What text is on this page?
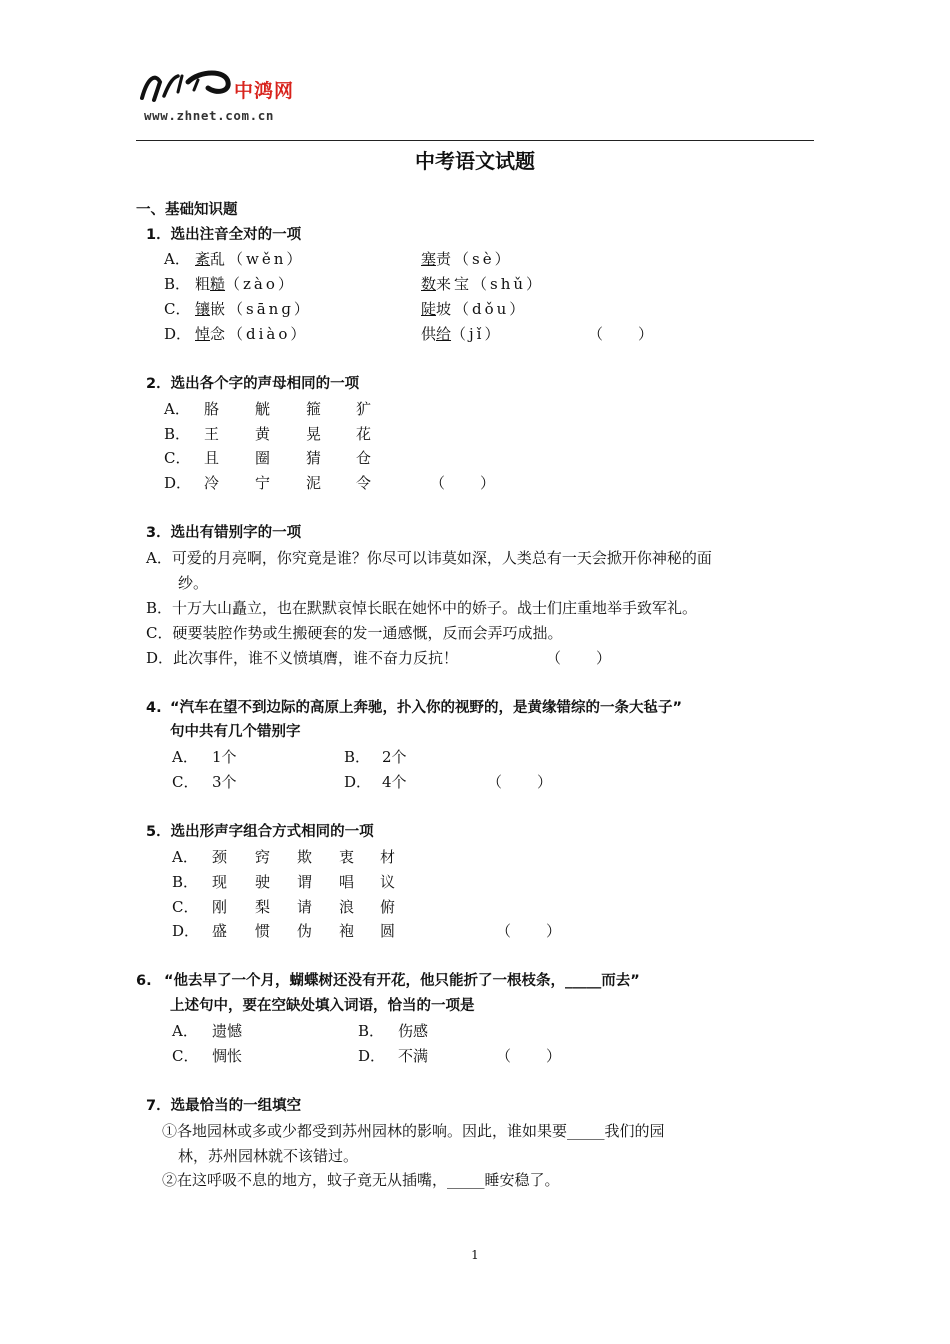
中鸿网
www.zhnet.com.cn
中考语文试题
一、基础知识题
1．选出注音全对的一项
A． 紊乱（wěn）	塞责（sè）
B． 粗糙（zào）	数来宝（shǔ）
C． 镶嵌（sānɡ）	陡坡（dǒu）
D． 悼念（diào）	供给（jǐ）	（ ）
2．选出各个字的声母相同的一项
A． 胳 觥 箍 犷
B． 王 黄 晃 花
C． 且 圈 猜 仓
D． 冷 宁 泥 令	（ ）
3．选出有错别字的一项
A．可爱的月亮啊，你究竟是谁？你尽可以讳莫如深，人类总有一天会掀开你神秘的面
纱。
B．十万大山矗立，也在默默哀悼长眠在她怀中的娇子。战士们庄重地举手致军礼。
C．硬要装腔作势或生搬硬套的发一通感慨，反而会弄巧成拙。
D．此次事件，谁不义愤填膺，谁不奋力反抗！	（ ）
4. “汽车在望不到边际的高原上奔驰，扑入你的视野的，是黄缘错综的一条大毡子”
句中共有几个错别字
A． 1个	B． 2个
C． 3个	D． 4个	（ ）
5．选出形声字组合方式相同的一项
A． 颈 窍 欺 衷 材
B． 现 驶 谓 唱 议
C． 刚 梨 请 浪 俯
D． 盛 惯 伪 袍 圆	（ ）
6. “他去早了一个月，蝴蝶树还没有开花，他只能折了一根枝条，_____而去”
上述句中，要在空缺处填入词语，恰当的一项是
A． 遗憾	B． 伤感
C． 惆怅	D． 不满	（ ）
7．选最恰当的一组填空
①各地园林或多或少都受到苏州园林的影响。因此，谁如果要_____我们的园
林，苏州园林就不该错过。
②在这呼吸不息的地方，蚊子竟无从插嘴，_____睡安稳了。
1
